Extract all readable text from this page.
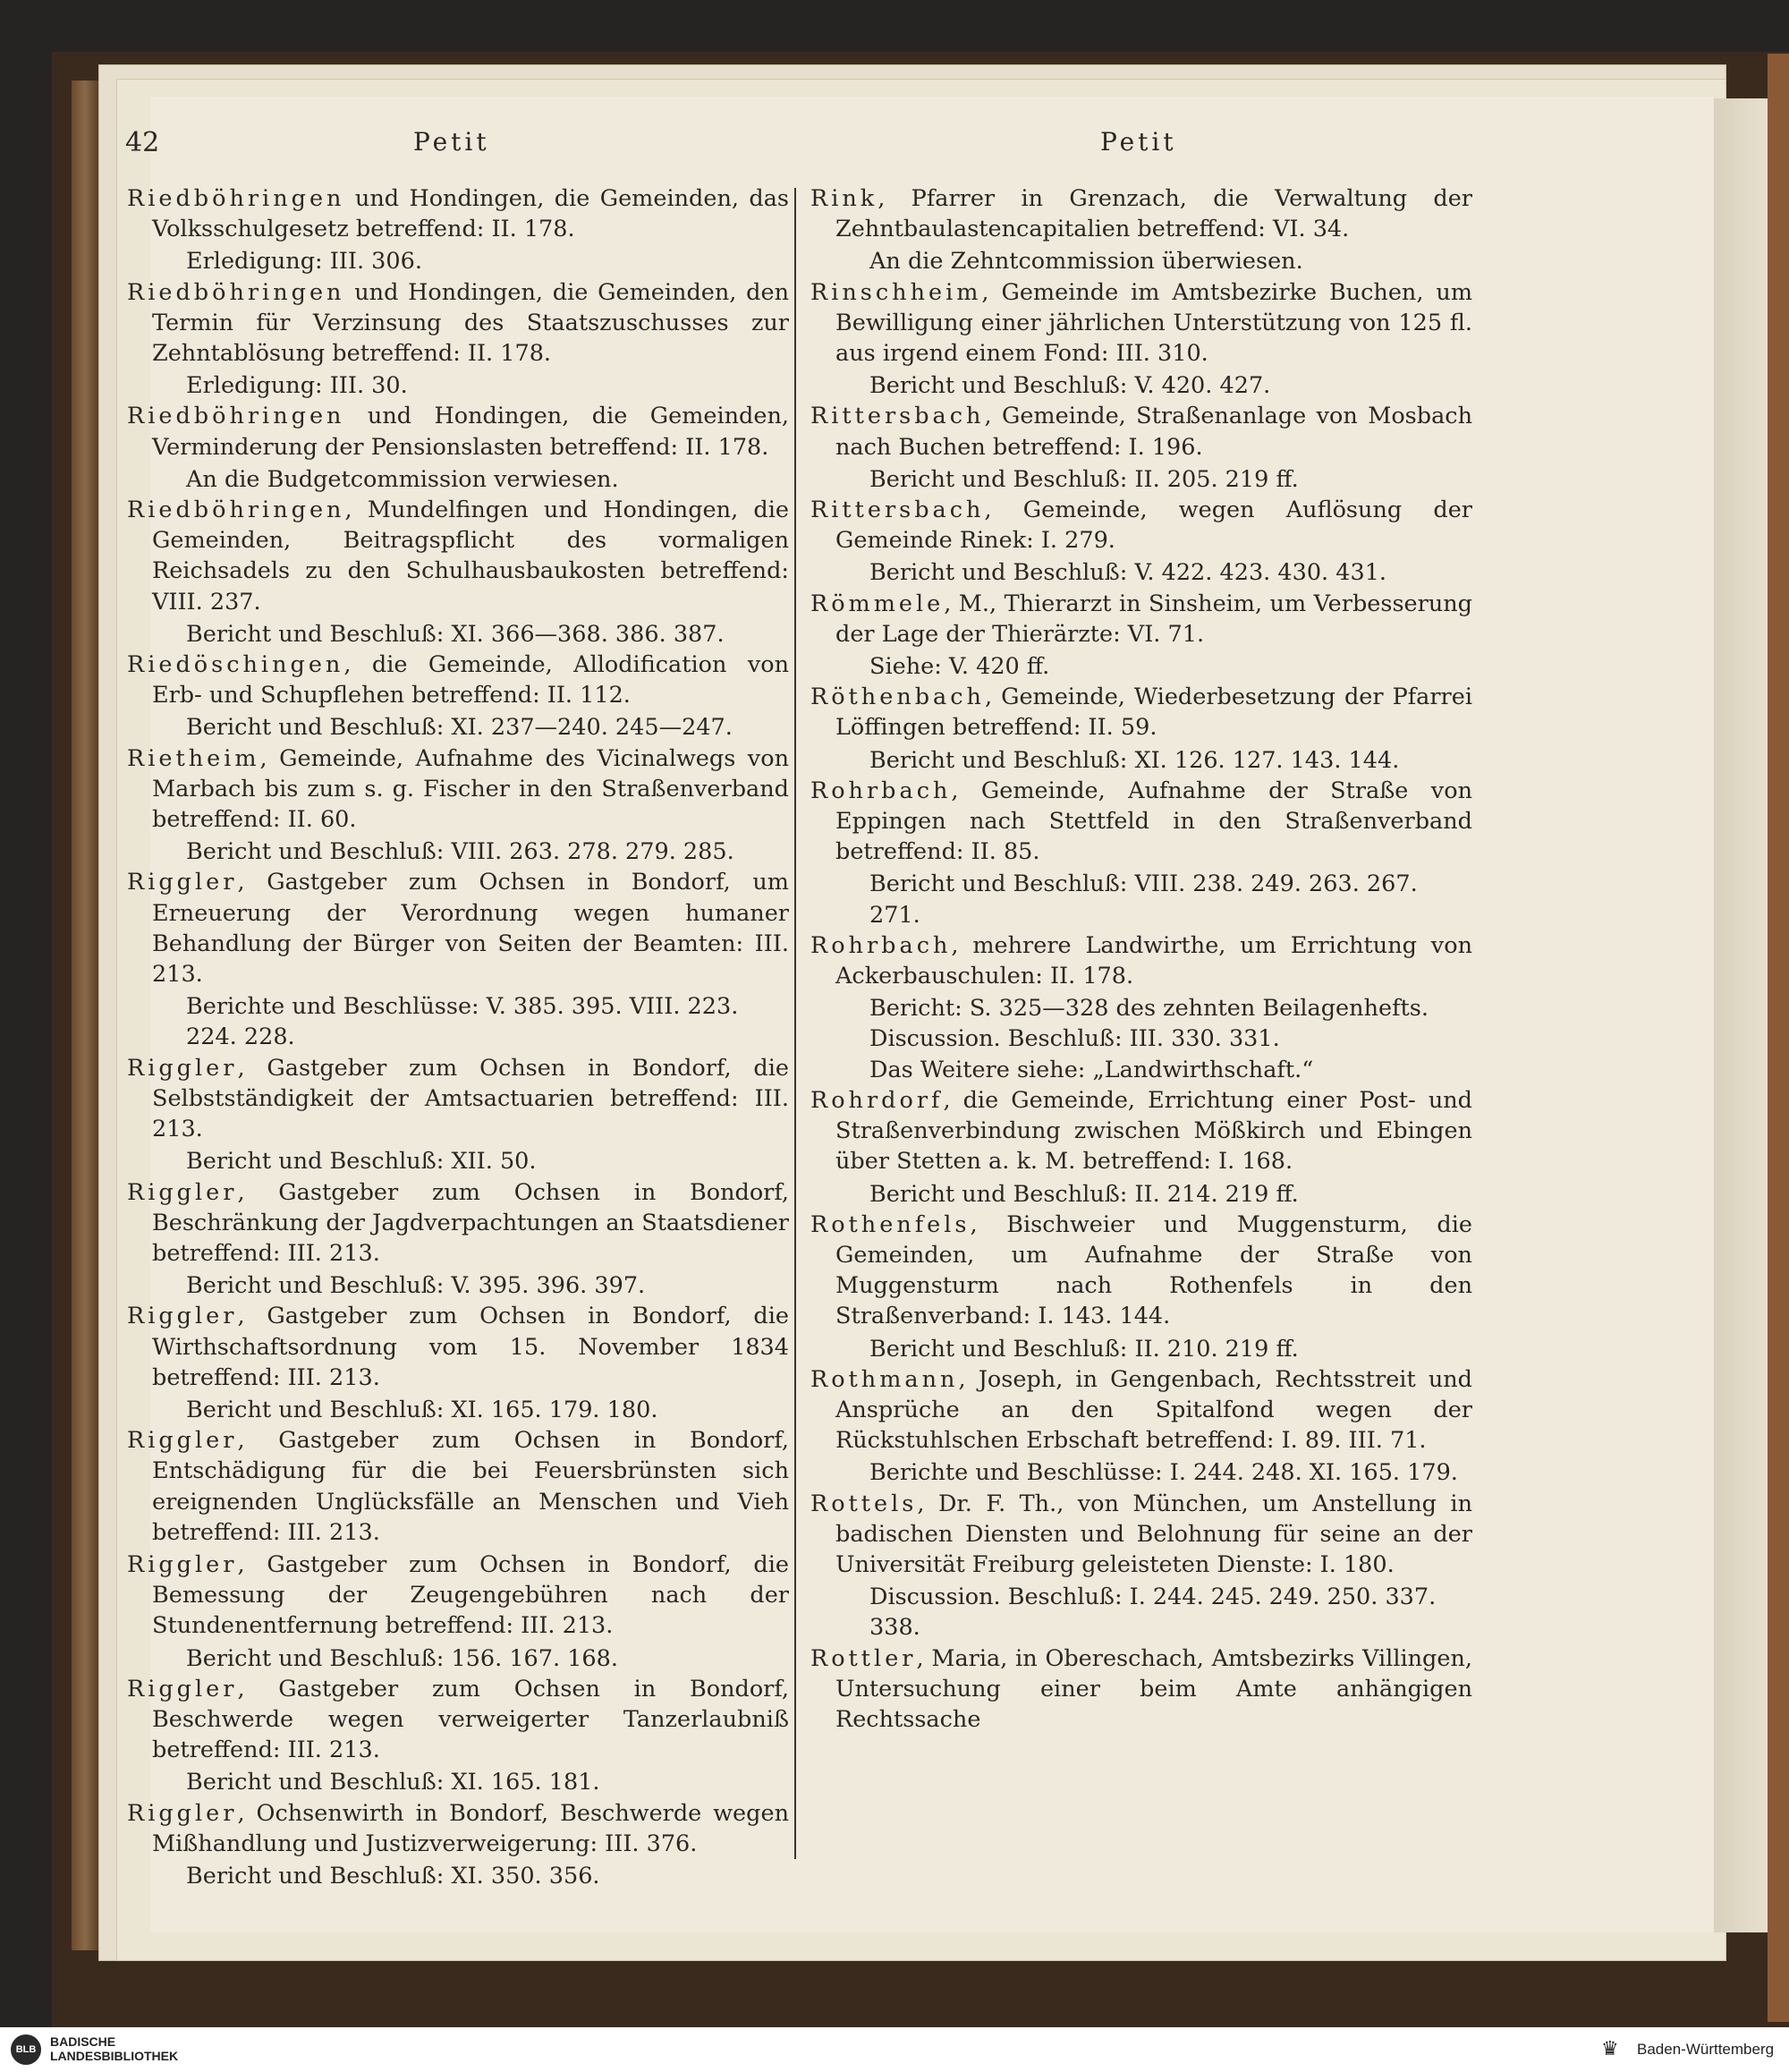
42	Petit	Petit
Riedböhringen und Hondingen, die Gemeinden, das Volksschulgesetz betreffend: II. 178.
Erledigung: III. 306.
Riedböhringen und Hondingen, die Gemeinden, den Termin für Verzinsung des Staatszuschusses zur Zehntablösung betreffend: II. 178.
Erledigung: III. 30.
Riedböhringen und Hondingen, die Gemeinden, Verminderung der Pensionslasten betreffend: II. 178.
An die Budgetcommission verwiesen.
Riedböhringen, Mundelfingen und Hondingen, die Gemeinden, Beitragspflicht des vormaligen Reichsadels zu den Schulhausbaukosten betreffend: VIII. 237.
Bericht und Beschluß: XI. 366—368. 386. 387.
Riedöschingen, die Gemeinde, Allodification von Erb- und Schupflehen betreffend: II. 112.
Bericht und Beschluß: XI. 237—240. 245—247.
Rietheim, Gemeinde, Aufnahme des Vicinalwegs von Marbach bis zum s. g. Fischer in den Straßenverband betreffend: II. 60.
Bericht und Beschluß: VIII. 263. 278. 279. 285.
Riggler, Gastgeber zum Ochsen in Bondorf, um Erneuerung der Verordnung wegen humaner Behandlung der Bürger von Seiten der Beamten: III. 213.
Berichte und Beschlüsse: V. 385. 395. VIII. 223. 224. 228.
Riggler, Gastgeber zum Ochsen in Bondorf, die Selbstständigkeit der Amtsactuarien betreffend: III. 213.
Bericht und Beschluß: XII. 50.
Riggler, Gastgeber zum Ochsen in Bondorf, Beschränkung der Jagdverpachtungen an Staatsdiener betreffend: III. 213.
Bericht und Beschluß: V. 395. 396. 397.
Riggler, Gastgeber zum Ochsen in Bondorf, die Wirthschaftsordnung vom 15. November 1834 betreffend: III. 213.
Bericht und Beschluß: XI. 165. 179. 180.
Riggler, Gastgeber zum Ochsen in Bondorf, Entschädigung für die bei Feuersbrünsten sich ereignenden Unglücksfälle an Menschen und Vieh betreffend: III. 213.
Riggler, Gastgeber zum Ochsen in Bondorf, die Bemessung der Zeugengebühren nach der Stundenentfernung betreffend: III. 213.
Bericht und Beschluß: 156. 167. 168.
Riggler, Gastgeber zum Ochsen in Bondorf, Beschwerde wegen verweigerter Tanzerlaubniß betreffend: III. 213.
Bericht und Beschluß: XI. 165. 181.
Riggler, Ochsenwirth in Bondorf, Beschwerde wegen Mißhandlung und Justizverweigerung: III. 376.
Bericht und Beschluß: XI. 350. 356.
Rink, Pfarrer in Grenzach, die Verwaltung der Zehntbaulastencapitalien betreffend: VI. 34.
An die Zehntcommission überwiesen.
Rinschheim, Gemeinde im Amtsbezirke Buchen, um Bewilligung einer jährlichen Unterstützung von 125 fl. aus irgend einem Fond: III. 310.
Bericht und Beschluß: V. 420. 427.
Rittersbach, Gemeinde, Straßenanlage von Mosbach nach Buchen betreffend: I. 196.
Bericht und Beschluß: II. 205. 219 ff.
Rittersbach, Gemeinde, wegen Auflösung der Gemeinde Rinek: I. 279.
Bericht und Beschluß: V. 422. 423. 430. 431.
Römmele, M., Thierarzt in Sinsheim, um Verbesserung der Lage der Thierärzte: VI. 71.
Siehe: V. 420 ff.
Röthenbach, Gemeinde, Wiederbesetzung der Pfarrei Löffingen betreffend: II. 59.
Bericht und Beschluß: XI. 126. 127. 143. 144.
Rohrbach, Gemeinde, Aufnahme der Straße von Eppingen nach Stettfeld in den Straßenverband betreffend: II. 85.
Bericht und Beschluß: VIII. 238. 249. 263. 267. 271.
Rohrbach, mehrere Landwirthe, um Errichtung von Ackerbauschulen: II. 178.
Bericht: S. 325—328 des zehnten Beilagenhefts.
Discussion. Beschluß: III. 330. 331.
Das Weitere siehe: „Landwirthschaft.“
Rohrdorf, die Gemeinde, Errichtung einer Post- und Straßenverbindung zwischen Mößkirch und Ebingen über Stetten a. k. M. betreffend: I. 168.
Bericht und Beschluß: II. 214. 219 ff.
Rothenfels, Bischweier und Muggensturm, die Gemeinden, um Aufnahme der Straße von Muggensturm nach Rothenfels in den Straßenverband: I. 143. 144.
Bericht und Beschluß: II. 210. 219 ff.
Rothmann, Joseph, in Gengenbach, Rechtsstreit und Ansprüche an den Spitalfond wegen der Rückstuhlschen Erbschaft betreffend: I. 89. III. 71.
Berichte und Beschlüsse: I. 244. 248. XI. 165. 179.
Rottels, Dr. F. Th., von München, um Anstellung in badischen Diensten und Belohnung für seine an der Universität Freiburg geleisteten Dienste: I. 180.
Discussion. Beschluß: I. 244. 245. 249. 250. 337. 338.
Rottler, Maria, in Obereschach, Amtsbezirks Villingen, Untersuchung einer beim Amte anhängigen Rechtssache
BLB
BADISCHE
LANDESBIBLIOTHEK	♛ Baden-Württemberg
